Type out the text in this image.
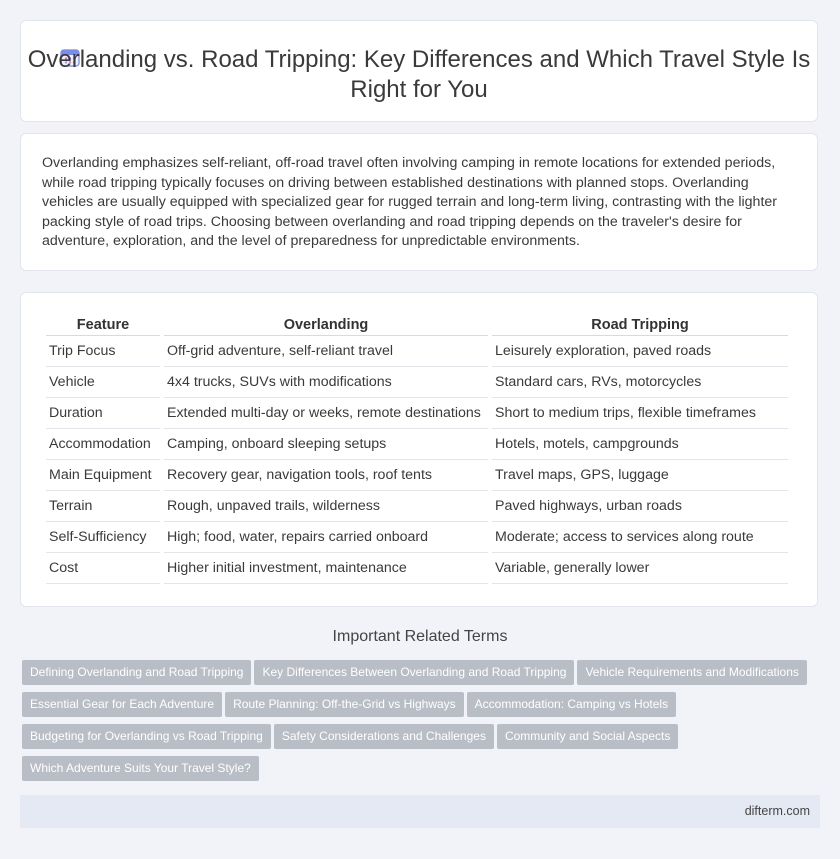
Overlanding vs. Road Tripping: Key Differences and Which Travel Style Is Right for You
Overlanding emphasizes self-reliant, off-road travel often involving camping in remote locations for extended periods, while road tripping typically focuses on driving between established destinations with planned stops. Overlanding vehicles are usually equipped with specialized gear for rugged terrain and long-term living, contrasting with the lighter packing style of road trips. Choosing between overlanding and road tripping depends on the traveler's desire for adventure, exploration, and the level of preparedness for unpredictable environments.
Feature	Overlanding	Road Tripping
Trip Focus	Off-grid adventure, self-reliant travel	Leisurely exploration, paved roads
Vehicle	4x4 trucks, SUVs with modifications	Standard cars, RVs, motorcycles
Duration	Extended multi-day or weeks, remote destinations	Short to medium trips, flexible timeframes
Accommodation	Camping, onboard sleeping setups	Hotels, motels, campgrounds
Main Equipment	Recovery gear, navigation tools, roof tents	Travel maps, GPS, luggage
Terrain	Rough, unpaved trails, wilderness	Paved highways, urban roads
Self-Sufficiency	High; food, water, repairs carried onboard	Moderate; access to services along route
Cost	Higher initial investment, maintenance	Variable, generally lower
Important Related Terms
Defining Overlanding and Road Tripping Key Differences Between Overlanding and Road Tripping Vehicle Requirements and ModificationsEssential Gear for Each Adventure Route Planning: Off-the-Grid vs Highways Accommodation: Camping vs HotelsBudgeting for Overlanding vs Road Tripping Safety Considerations and Challenges Community and Social AspectsWhich Adventure Suits Your Travel Style?
difterm.com
